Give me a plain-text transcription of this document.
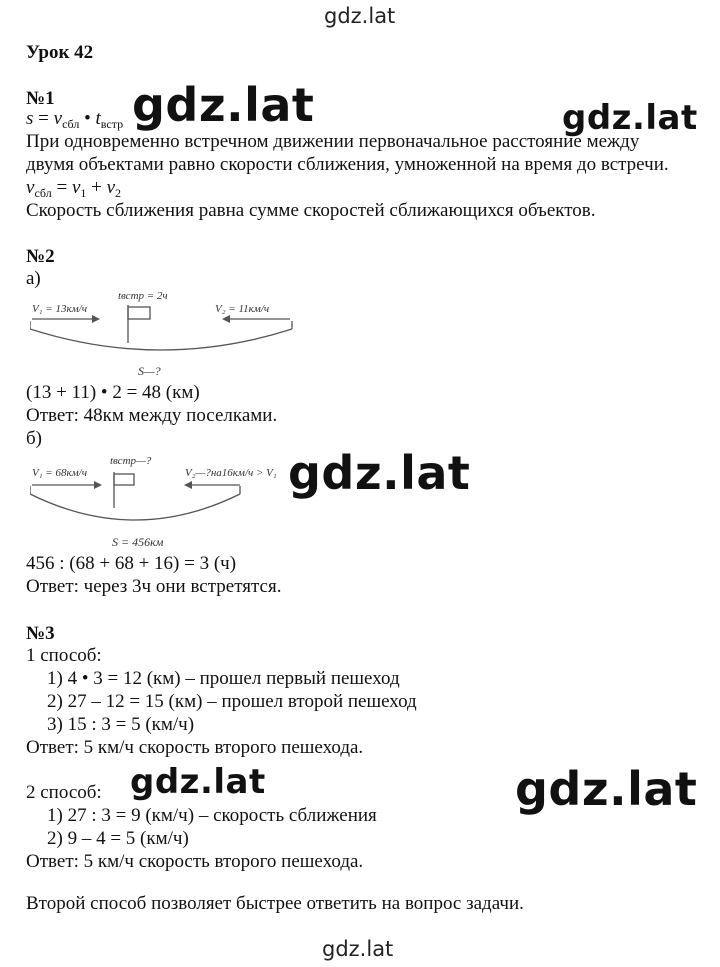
gdz.lat
Урок 42
№1
$s = v_{сбл}$ • $t_{встр}$ gdz.lat	gdz.lat
При одновременно встречном движении первоначальное расстояние между
двумя объектами равно скорости сближения, умноженной на время до встречи.
$v_{сбл} = v_1 + v_2$
Скорость сближения равна сумме скоростей сближающихся объектов.
№2
а)
tвстр = 2ч
V₁ = 13км/ч	V₂ = 11км/ч
S—?
(13 + 11) • 2 = 48 (км)
Ответ: 48км между поселками.
б)
tвстр—?
V₁ = 68км/ч	V₂—?на16км/ч > V₁
S = 456км
gdz.lat
456 : (68 + 68 + 16) = 3 (ч)
Ответ: через 3ч они встретятся.
№3
1 способ:
1) 4 • 3 = 12 (км) – прошел первый пешеход
2) 27 – 12 = 15 (км) – прошел второй пешеход
3) 15 : 3 = 5 (км/ч)
Ответ: 5 км/ч скорость второго пешехода.
2 способ: gdz.lat	gdz.lat
1) 27 : 3 = 9 (км/ч) – скорость сближения
2) 9 – 4 = 5 (км/ч)
Ответ: 5 км/ч скорость второго пешехода.
Второй способ позволяет быстрее ответить на вопрос задачи.
gdz.lat
